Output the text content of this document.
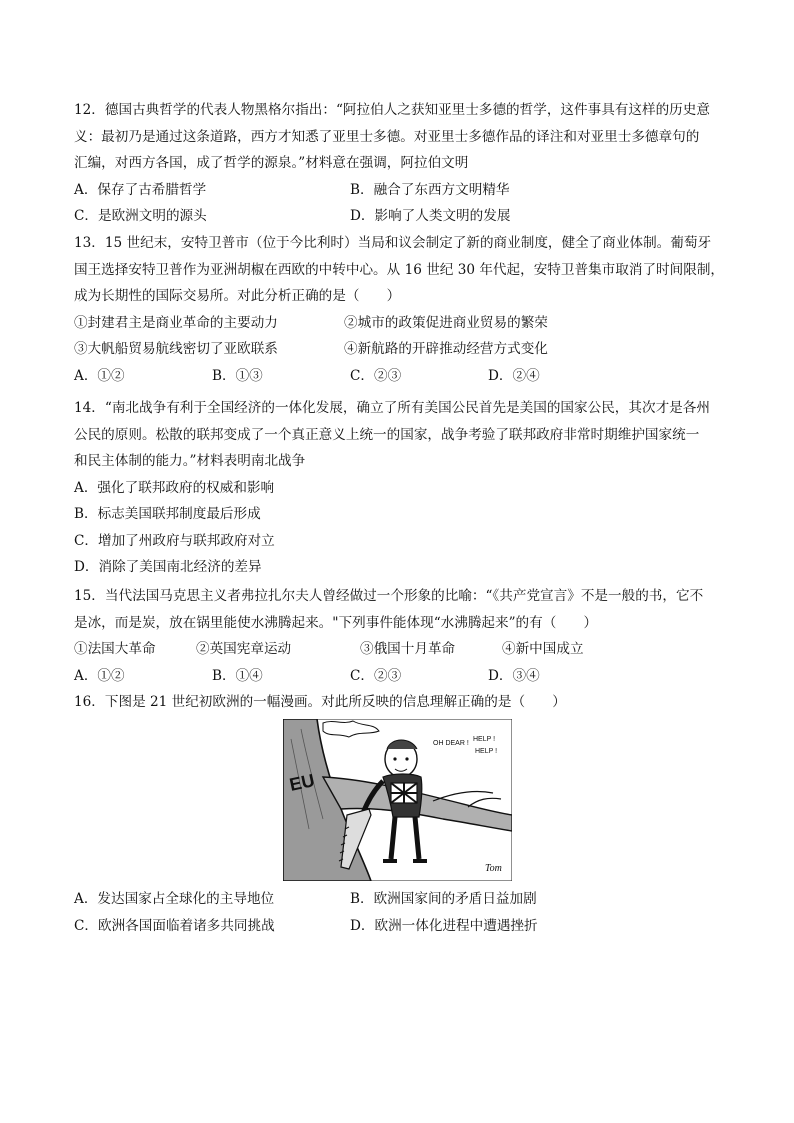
12．德国古典哲学的代表人物黑格尔指出：“阿拉伯人之获知亚里士多德的哲学，这件事具有这样的历史意
义：最初乃是通过这条道路，西方才知悉了亚里士多德。对亚里士多德作品的译注和对亚里士多德章句的
汇编，对西方各国，成了哲学的源泉。”材料意在强调，阿拉伯文明
A．保存了古希腊哲学	B．融合了东西方文明精华
C．是欧洲文明的源头	D．影响了人类文明的发展
13．15 世纪末，安特卫普市（位于今比利时）当局和议会制定了新的商业制度，健全了商业体制。葡萄牙
国王选择安特卫普作为亚洲胡椒在西欧的中转中心。从 16 世纪 30 年代起，安特卫普集市取消了时间限制，
成为长期性的国际交易所。对此分析正确的是（　　）
①封建君主是商业革命的主要动力	②城市的政策促进商业贸易的繁荣
③大帆船贸易航线密切了亚欧联系	④新航路的开辟推动经营方式变化
A．①②	B．①③	C．②③	D．②④
14．“南北战争有利于全国经济的一体化发展，确立了所有美国公民首先是美国的国家公民，其次才是各州
公民的原则。松散的联邦变成了一个真正意义上统一的国家，战争考验了联邦政府非常时期维护国家统一
和民主体制的能力。”材料表明南北战争
A．强化了联邦政府的权威和影响
B．标志美国联邦制度最后形成
C．增加了州政府与联邦政府对立
D．消除了美国南北经济的差异
15．当代法国马克思主义者弗拉扎尔夫人曾经做过一个形象的比喻：“《共产党宣言》不是一般的书，它不
是冰，而是炭，放在锅里能使水沸腾起来。"下列事件能体现“水沸腾起来”的有（　　）
①法国大革命	②英国宪章运动	③俄国十月革命	④新中国成立
A．①②	B．①④	C．②③	D．③④
16．下图是 21 世纪初欧洲的一幅漫画。对此所反映的信息理解正确的是（　　）
EU
OH DEAR !
HELP !
HELP !
Tom
A．发达国家占全球化的主导地位	B．欧洲国家间的矛盾日益加剧
C．欧洲各国面临着诸多共同挑战	D．欧洲一体化进程中遭遇挫折
